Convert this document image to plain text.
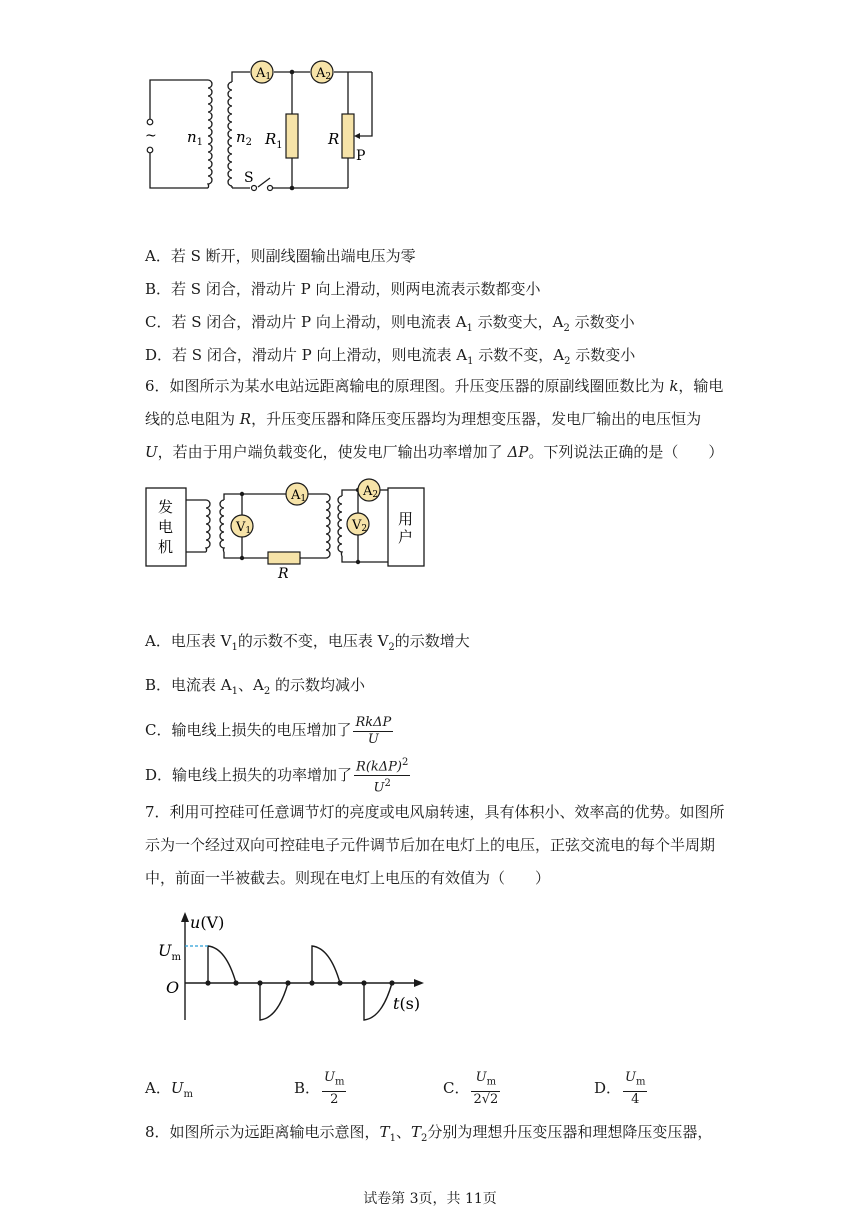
~ $n_1$ $n_2$
A1	A2
$R_1$	R
P
S
A．若 S 断开，则副线圈输出端电压为零
B．若 S 闭合，滑动片 P 向上滑动，则两电流表示数都变小
C．若 S 闭合，滑动片 P 向上滑动，则电流表 $A_1$ 示数变大，$A_2$ 示数变小
D．若 S 闭合，滑动片 P 向上滑动，则电流表 $A_1$ 示数不变，$A_2$ 示数变小
6．如图所示为某水电站远距离输电的原理图。升压变压器的原副线圈匝数比为 k，输电线的总电阻为 R，升压变压器和降压变压器均为理想变压器，发电厂输出的电压恒为 U，若由于用户端负载变化，使发电厂输出功率增加了 ΔP。下列说法正确的是（　　）
发
电
机
用
户
A1	A2
V1	V2
R
A．电压表 $V_1$的示数不变，电压表 $V_2$的示数增大
B．电流表 $A_1$、$A_2$ 的示数均减小
C．输电线上损失的电压增加了 $\frac{\text{RkΔP}}{U}$
D．输电线上损失的功率增加了 $\frac{R(k\Delta P)^2}{U^2}$
7．利用可控硅可任意调节灯的亮度或电风扇转速，具有体积小、效率高的优势。如图所示为一个经过双向可控硅电子元件调节后加在电灯上的电压，正弦交流电的每个半周期中，前面一半被截去。则现在电灯上电压的有效值为（　　）
u(V)
$U_m$
O
t(s)
A．$U_m$	B． $\frac{U_m}{2}$	C． $\frac{U_m}{2√2}$	D． $\frac{U_m}{4}$
8．如图所示为远距离输电示意图，$T_1$、$T_2$分别为理想升压变压器和理想降压变压器，
试卷第 3页，共 11页
